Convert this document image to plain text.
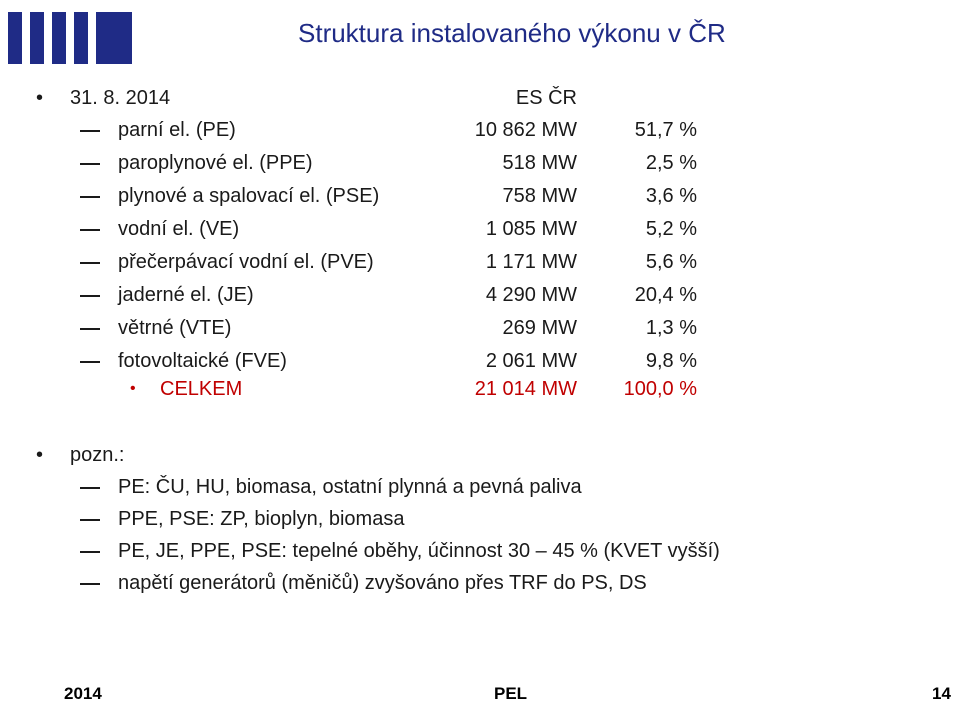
Struktura instalovaného výkonu v ČR
• 31. 8. 2014	ES ČR
parní el. (PE)	10 862 MW	51,7 %
paroplynové el. (PPE)	518 MW	2,5 %
plynové a spalovací el. (PSE)	758 MW	3,6 %
vodní el. (VE)	1 085 MW	5,2 %
přečerpávací vodní el. (PVE)	1 171 MW	5,6 %
jaderné el. (JE)	4 290 MW	20,4 %
větrné (VTE)	269 MW	1,3 %
fotovoltaické (FVE)	2 061 MW	9,8 %
• CELKEM	21 014 MW 100,0 %
• pozn.:
PE: ČU, HU, biomasa, ostatní plynná a pevná paliva
PPE, PSE: ZP, bioplyn, biomasa
PE, JE, PPE, PSE: tepelné oběhy, účinnost 30 – 45 % (KVET vyšší)
napětí generátorů (měničů) zvyšováno přes TRF do PS, DS
2014	PEL	14
